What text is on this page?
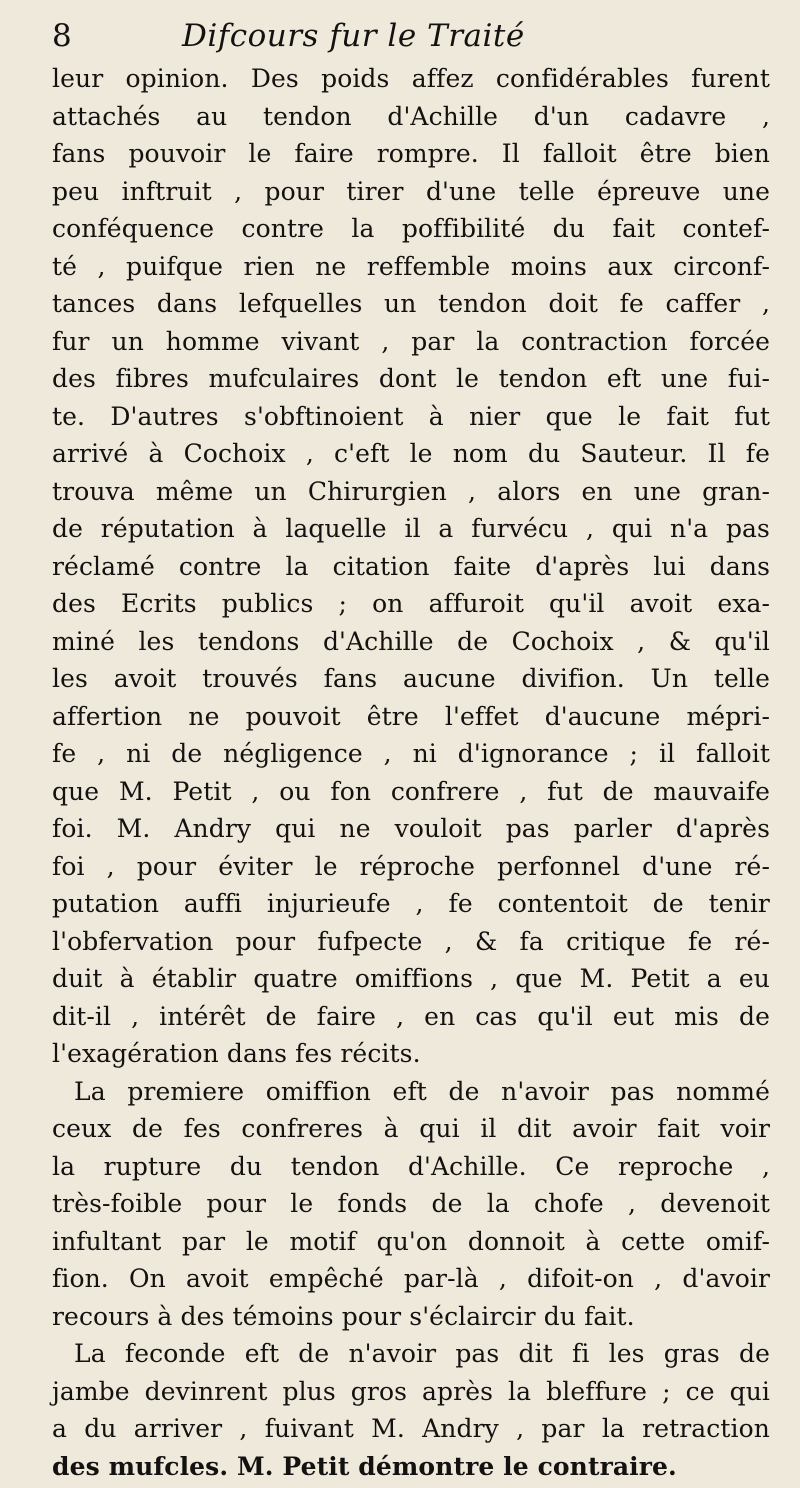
8	Difcours fur le Traité
leur opinion. Des poids affez confidérables furent
attachés au tendon d'Achille d'un cadavre ,
fans pouvoir le faire rompre. Il falloit être bien
peu inftruit , pour tirer d'une telle épreuve une
conféquence contre la poffibilité du fait contef-
té , puifque rien ne reffemble moins aux circonf-
tances dans lefquelles un tendon doit fe caffer ,
fur un homme vivant , par la contraction forcée
des fibres mufculaires dont le tendon eft une fui-
te. D'autres s'obftinoient à nier que le fait fut
arrivé à Cochoix , c'eft le nom du Sauteur. Il fe
trouva même un Chirurgien , alors en une gran-
de réputation à laquelle il a furvécu , qui n'a pas
réclamé contre la citation faite d'après lui dans
des Ecrits publics ; on affuroit qu'il avoit exa-
miné les tendons d'Achille de Cochoix , & qu'il
les avoit trouvés fans aucune divifion. Un telle
affertion ne pouvoit être l'effet d'aucune mépri-
fe , ni de négligence , ni d'ignorance ; il falloit
que M. Petit , ou fon confrere , fut de mauvaife
foi. M. Andry qui ne vouloit pas parler d'après
foi , pour éviter le réproche perfonnel d'une ré-
putation auffi injurieufe , fe contentoit de tenir
l'obfervation pour fufpecte , & fa critique fe ré-
duit à établir quatre omiffions , que M. Petit a eu
dit-il , intérêt de faire , en cas qu'il eut mis de
l'exagération dans fes récits.
La premiere omiffion eft de n'avoir pas nommé
ceux de fes confreres à qui il dit avoir fait voir
la rupture du tendon d'Achille. Ce reproche ,
très-foible pour le fonds de la chofe , devenoit
infultant par le motif qu'on donnoit à cette omif-
fion. On avoit empêché par-là , difoit-on , d'avoir
recours à des témoins pour s'éclaircir du fait.
La feconde eft de n'avoir pas dit fi les gras de
jambe devinrent plus gros après la bleffure ; ce qui
a du arriver , fuivant M. Andry , par la retraction
des mufcles. M. Petit démontre le contraire.
